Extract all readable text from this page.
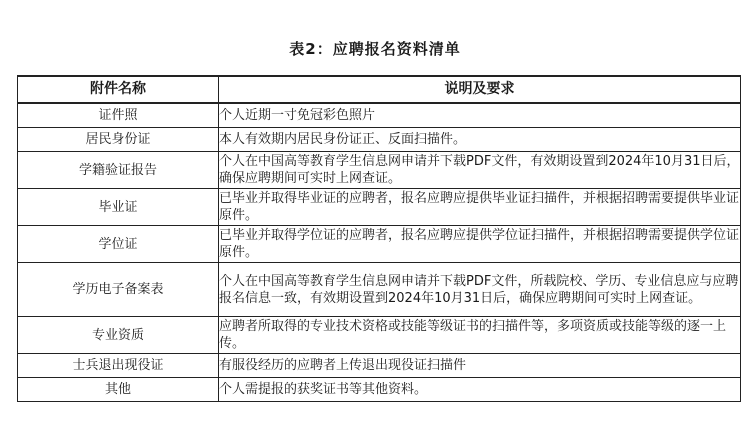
表2：应聘报名资料清单
附件名称	说明及要求
证件照	个人近期一寸免冠彩色照片
居民身份证	本人有效期内居民身份证正、反面扫描件。
学籍验证报告	个人在中国高等教育学生信息网申请并下载PDF文件，有效期设置到2024年10月31日后，确保应聘期间可实时上网查证。
毕业证	已毕业并取得毕业证的应聘者，报名应聘应提供毕业证扫描件，并根据招聘需要提供毕业证原件。
学位证	已毕业并取得学位证的应聘者，报名应聘应提供学位证扫描件，并根据招聘需要提供学位证原件。
学历电子备案表	个人在中国高等教育学生信息网申请并下载PDF文件，所载院校、学历、专业信息应与应聘报名信息一致，有效期设置到2024年10月31日后，确保应聘期间可实时上网查证。
专业资质	应聘者所取得的专业技术资格或技能等级证书的扫描件等，多项资质或技能等级的逐一上传。
士兵退出现役证	有服役经历的应聘者上传退出现役证扫描件
其他	个人需提报的获奖证书等其他资料。
